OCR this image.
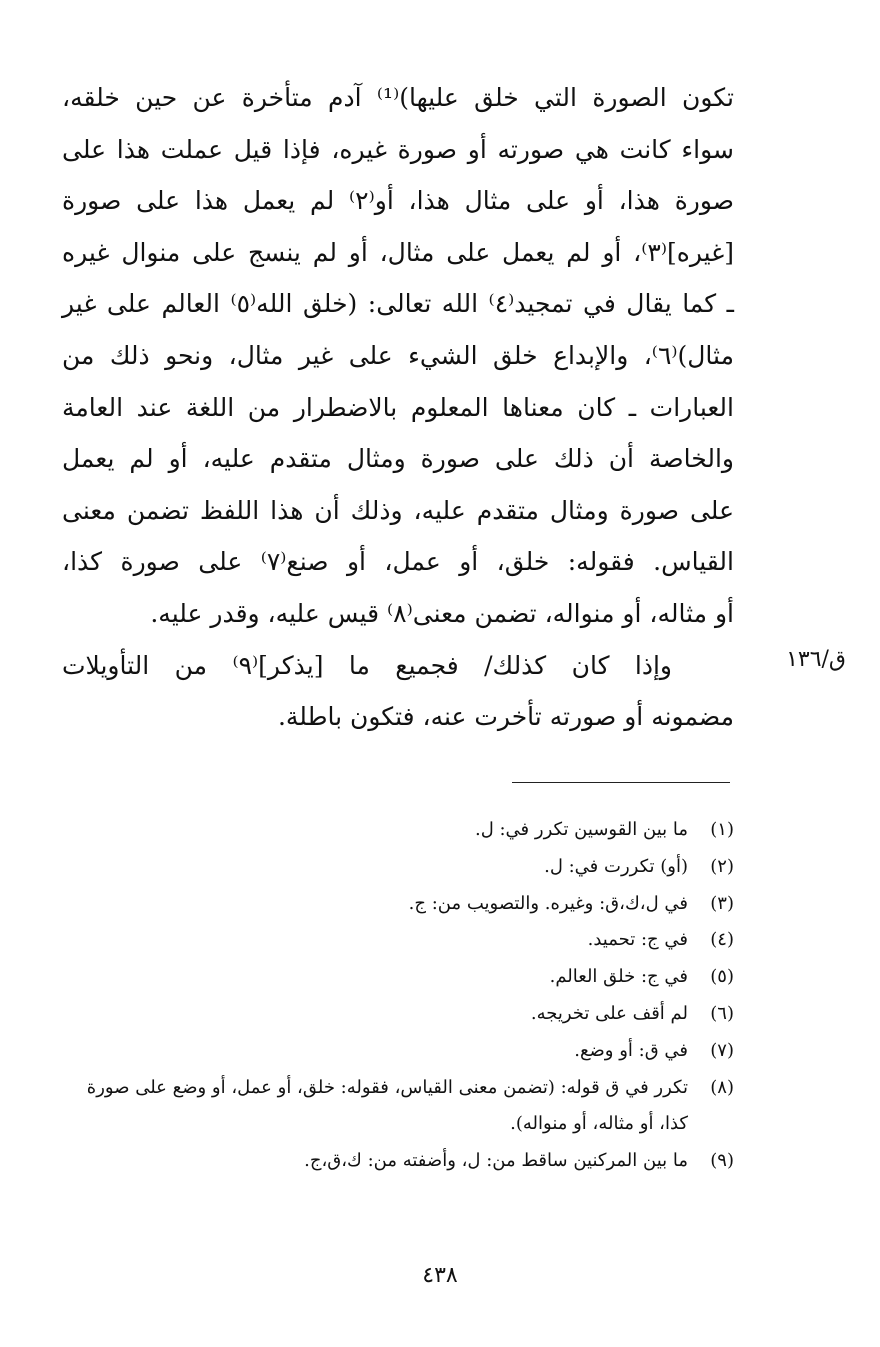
تكون الصورة التي خلق عليها)⁽¹⁾ آدم متأخرة عن حين خلقه،
سواء كانت هي صورته أو صورة غيره، فإذا قيل عملت هذا على
صورة هذا، أو على مثال هذا، أو⁽٢⁾ لم يعمل هذا على صورة
[غيره]⁽٣⁾، أو لم يعمل على مثال، أو لم ينسج على منوال غيره
ـ كما يقال في تمجيد⁽٤⁾ الله تعالى: (خلق الله⁽٥⁾ العالم على غير
مثال)⁽٦⁾، والإبداع خلق الشيء على غير مثال، ونحو ذلك من
العبارات ـ كان معناها المعلوم بالاضطرار من اللغة عند العامة
والخاصة أن ذلك على صورة ومثال متقدم عليه، أو لم يعمل
على صورة ومثال متقدم عليه، وذلك أن هذا اللفظ تضمن معنى
القياس. فقوله: خلق، أو عمل، أو صنع⁽٧⁾ على صورة كذا،
أو مثاله، أو منواله، تضمن معنى⁽٨⁾ قيس عليه، وقدر عليه.
وإذا كان كذلك/ فجميع ما [يذكر]⁽٩⁾ من التأويلات
مضمونه أو صورته تأخرت عنه، فتكون باطلة.
ق/١٣٦
(١)
ما بين القوسين تكرر في: ل.
(٢)
(أو) تكررت في: ل.
(٣)
في ل،ك،ق: وغيره. والتصويب من: ج.
(٤)
في ج: تحميد.
(٥)
في ج: خلق العالم.
(٦)
لم أقف على تخريجه.
(٧)
في ق: أو وضع.
(٨)
تكرر في ق قوله: (تضمن معنى القياس، فقوله: خلق، أو عمل، أو وضع على صورة كذا، أو مثاله، أو منواله).
(٩)
ما بين المركنين ساقط من: ل، وأضفته من: ك،ق،ج.
٤٣٨
